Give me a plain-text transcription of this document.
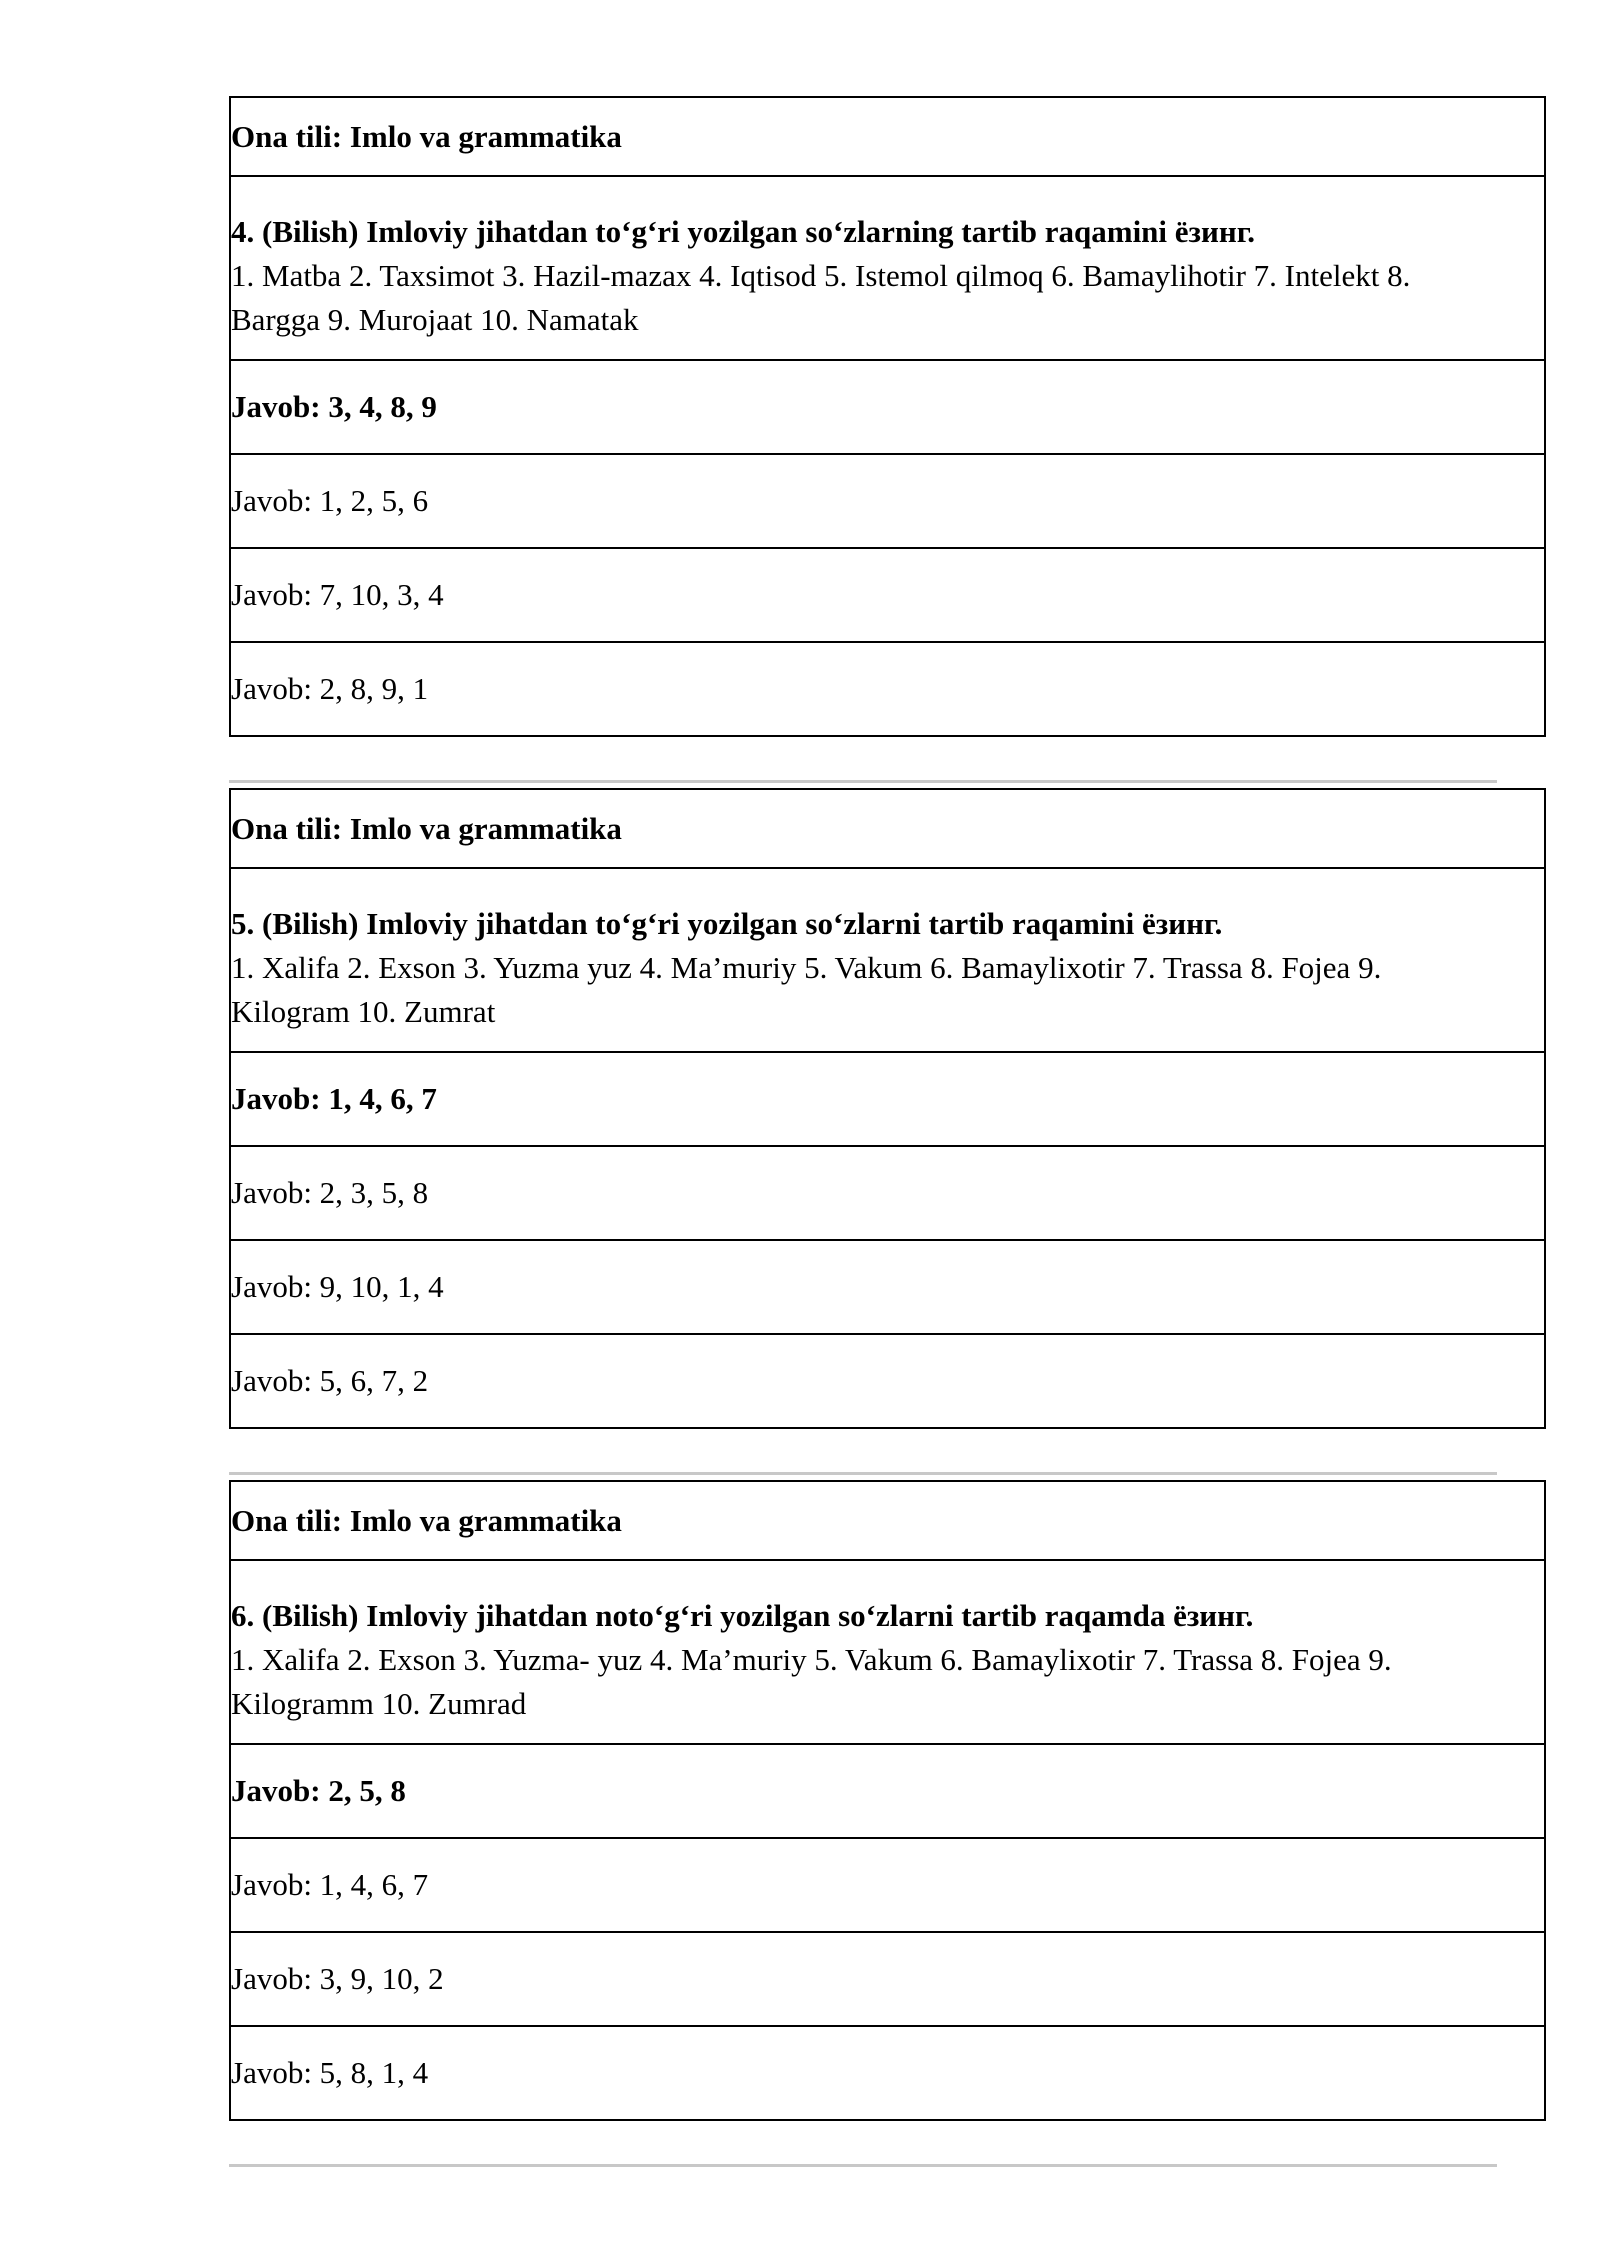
Ona tili: Imlo va grammatika
4. (Bilish) Imloviy jihatdan to‘g‘ri yozilgan so‘zlarning tartib raqamini ёзинг.
1. Matba 2. Taxsimot 3. Hazil-mazax 4. Iqtisod 5. Istemol qilmoq 6. Bamaylihotir 7. Intelekt 8. Bargga 9. Murojaat 10. Namatak
Javob: 3, 4, 8, 9
Javob: 1, 2, 5, 6
Javob: 7, 10, 3, 4
Javob: 2, 8, 9, 1
Ona tili: Imlo va grammatika
5. (Bilish) Imloviy jihatdan to‘g‘ri yozilgan so‘zlarni tartib raqamini ёзинг.
1. Xalifa 2. Exson 3. Yuzma yuz 4. Ma’muriy 5. Vakum 6. Bamaylixotir 7. Trassa 8. Fojea 9. Kilogram 10. Zumrat
Javob: 1, 4, 6, 7
Javob: 2, 3, 5, 8
Javob: 9, 10, 1, 4
Javob: 5, 6, 7, 2
Ona tili: Imlo va grammatika
6. (Bilish) Imloviy jihatdan noto‘g‘ri yozilgan so‘zlarni tartib raqamda ёзинг.
1. Xalifa 2. Exson 3. Yuzma- yuz 4. Ma’muriy 5. Vakum 6. Bamaylixotir 7. Trassa 8. Fojea 9. Kilogramm 10. Zumrad
Javob: 2, 5, 8
Javob: 1, 4, 6, 7
Javob: 3, 9, 10, 2
Javob: 5, 8, 1, 4
